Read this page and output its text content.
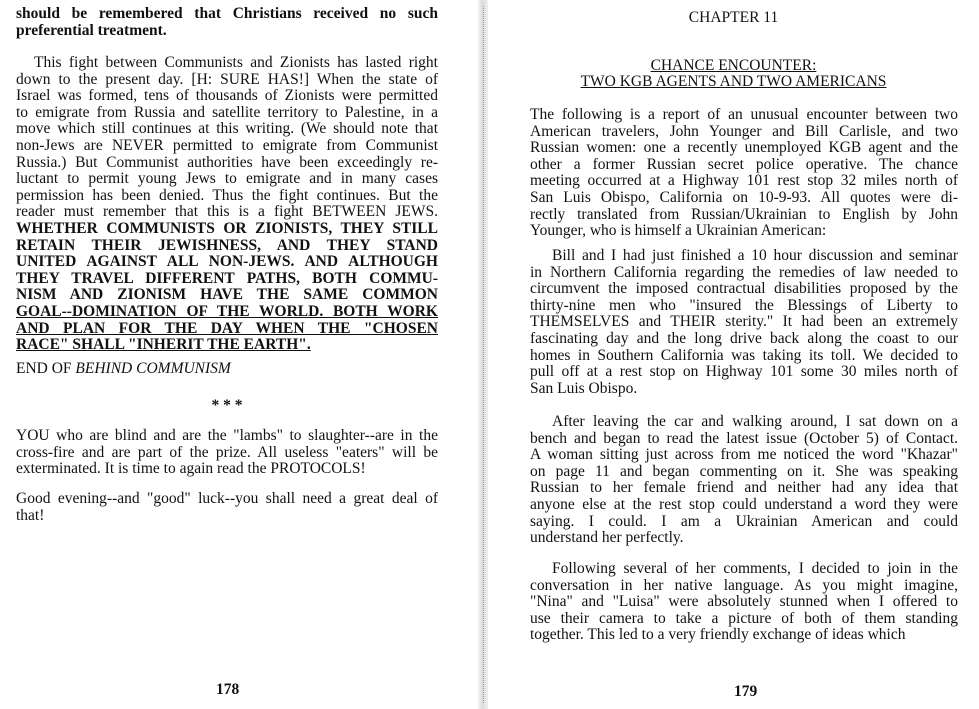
should be remembered that Christians received no such
preferential treatment.
This fight between Communists and Zionists has lasted right
down to the present day. [H: SURE HAS!] When the state of
Israel was formed, tens of thousands of Zionists were permitted
to emigrate from Russia and satellite territory to Palestine, in a
move which still continues at this writing. (We should note that
non-Jews are NEVER permitted to emigrate from Communist
Russia.) But Communist authorities have been exceedingly re-
luctant to permit young Jews to emigrate and in many cases
permission has been denied. Thus the fight continues. But the
reader must remember that this is a fight BETWEEN JEWS.
WHETHER COMMUNISTS OR ZIONISTS, THEY STILL
RETAIN THEIR JEWISHNESS, AND THEY STAND
UNITED AGAINST ALL NON-JEWS. AND ALTHOUGH
THEY TRAVEL DIFFERENT PATHS, BOTH COMMU-
NISM AND ZIONISM HAVE THE SAME COMMON
GOAL--DOMINATION OF THE WORLD. BOTH WORK
AND PLAN FOR THE DAY WHEN THE "CHOSEN
RACE" SHALL "INHERIT THE EARTH".
END OF BEHIND COMMUNISM
* * *
YOU who are blind and are the "lambs" to slaughter--are in the
cross-fire and are part of the prize. All useless "eaters" will be
exterminated. It is time to again read the PROTOCOLS!
Good evening--and "good" luck--you shall need a great deal of
that!
178
CHAPTER 11
CHANCE ENCOUNTER:
TWO KGB AGENTS AND TWO AMERICANS
The following is a report of an unusual encounter between two
American travelers, John Younger and Bill Carlisle, and two
Russian women: one a recently unemployed KGB agent and the
other a former Russian secret police operative. The chance
meeting occurred at a Highway 101 rest stop 32 miles north of
San Luis Obispo, California on 10-9-93. All quotes were di-
rectly translated from Russian/Ukrainian to English by John
Younger, who is himself a Ukrainian American:
Bill and I had just finished a 10 hour discussion and seminar
in Northern California regarding the remedies of law needed to
circumvent the imposed contractual disabilities proposed by the
thirty-nine men who "insured the Blessings of Liberty to
THEMSELVES and THEIR sterity." It had been an extremely
fascinating day and the long drive back along the coast to our
homes in Southern California was taking its toll. We decided to
pull off at a rest stop on Highway 101 some 30 miles north of
San Luis Obispo.
After leaving the car and walking around, I sat down on a
bench and began to read the latest issue (October 5) of Contact.
A woman sitting just across from me noticed the word "Khazar"
on page 11 and began commenting on it. She was speaking
Russian to her female friend and neither had any idea that
anyone else at the rest stop could understand a word they were
saying. I could. I am a Ukrainian American and could
understand her perfectly.
Following several of her comments, I decided to join in the
conversation in her native language. As you might imagine,
"Nina" and "Luisa" were absolutely stunned when I offered to
use their camera to take a picture of both of them standing
together. This led to a very friendly exchange of ideas which
179
